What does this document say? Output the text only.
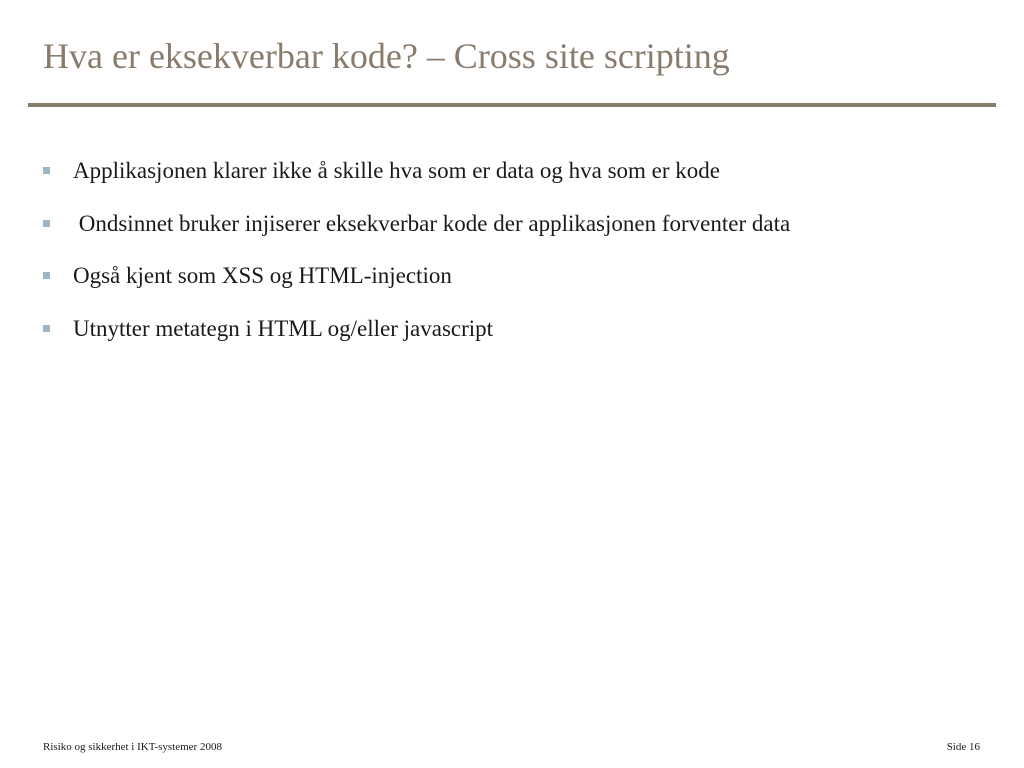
Hva er eksekverbar kode? – Cross site scripting
Applikasjonen klarer ikke å skille hva som er data og hva som er kode
Ondsinnet bruker injiserer eksekverbar kode der applikasjonen forventer data
Også kjent som XSS og HTML-injection
Utnytter metategn i HTML og/eller javascript
Risiko og sikkerhet i IKT-systemer 2008	Side 16
